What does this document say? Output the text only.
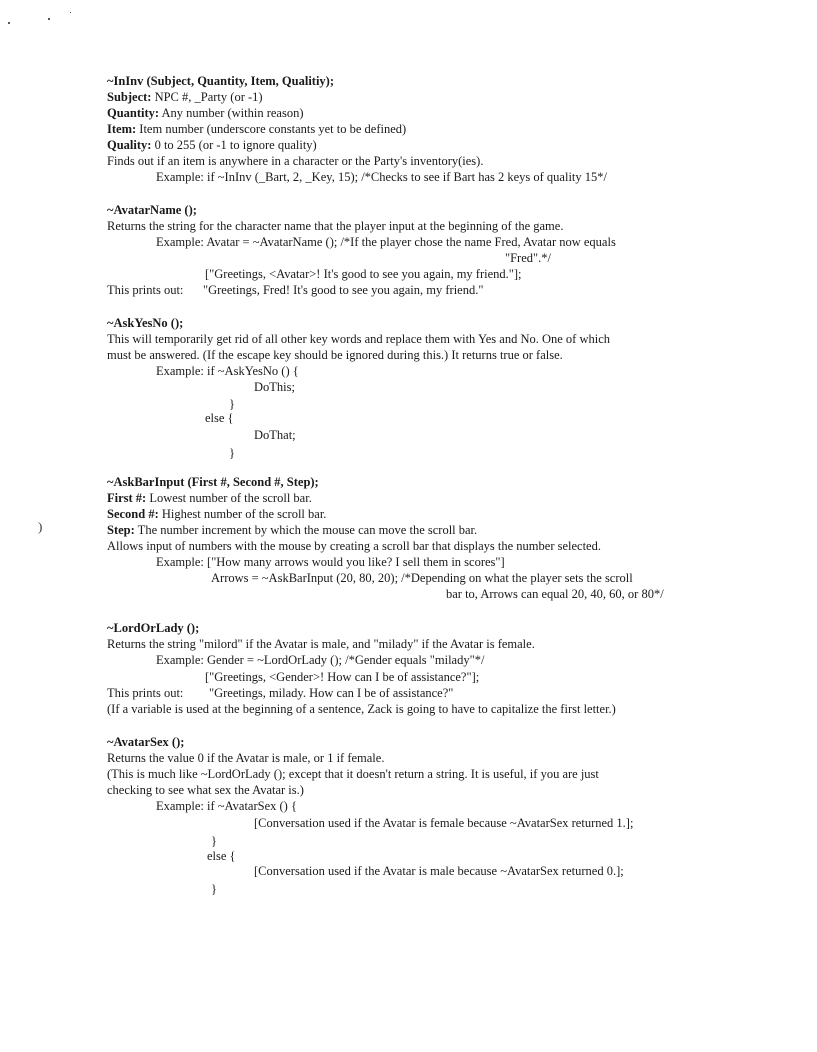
)
~InInv (Subject, Quantity, Item, Qualitiy);
Subject: NPC #, _Party (or -1)
Quantity: Any number (within reason)
Item: Item number (underscore constants yet to be defined)
Quality: 0 to 255 (or -1 to ignore quality)
Finds out if an item is anywhere in a character or the Party's inventory(ies).
Example: if ~InInv (_Bart, 2, _Key, 15); /*Checks to see if Bart has 2 keys of quality 15*/
~AvatarName ();
Returns the string for the character name that the player input at the beginning of the game.
Example: Avatar = ~AvatarName (); /*If the player chose the name Fred, Avatar now equals
"Fred".*/
["Greetings, <Avatar>! It's good to see you again, my friend."];
This prints out: "Greetings, Fred! It's good to see you again, my friend."
~AskYesNo ();
This will temporarily get rid of all other key words and replace them with Yes and No. One of which
must be answered. (If the escape key should be ignored during this.) It returns true or false.
Example: if ~AskYesNo () {
DoThis;
}
else {
DoThat;
}
~AskBarInput (First #, Second #, Step);
First #: Lowest number of the scroll bar.
Second #: Highest number of the scroll bar.
Step: The number increment by which the mouse can move the scroll bar.
Allows input of numbers with the mouse by creating a scroll bar that displays the number selected.
Example: ["How many arrows would you like? I sell them in scores"]
Arrows = ~AskBarInput (20, 80, 20); /*Depending on what the player sets the scroll
bar to, Arrows can equal 20, 40, 60, or 80*/
~LordOrLady ();
Returns the string "milord" if the Avatar is male, and "milady" if the Avatar is female.
Example: Gender = ~LordOrLady (); /*Gender equals "milady"*/
["Greetings, <Gender>! How can I be of assistance?"];
This prints out: "Greetings, milady. How can I be of assistance?"
(If a variable is used at the beginning of a sentence, Zack is going to have to capitalize the first letter.)
~AvatarSex ();
Returns the value 0 if the Avatar is male, or 1 if female.
(This is much like ~LordOrLady (); except that it doesn't return a string. It is useful, if you are just
checking to see what sex the Avatar is.)
Example: if ~AvatarSex () {
[Conversation used if the Avatar is female because ~AvatarSex returned 1.];
}
else {
[Conversation used if the Avatar is male because ~AvatarSex returned 0.];
}
